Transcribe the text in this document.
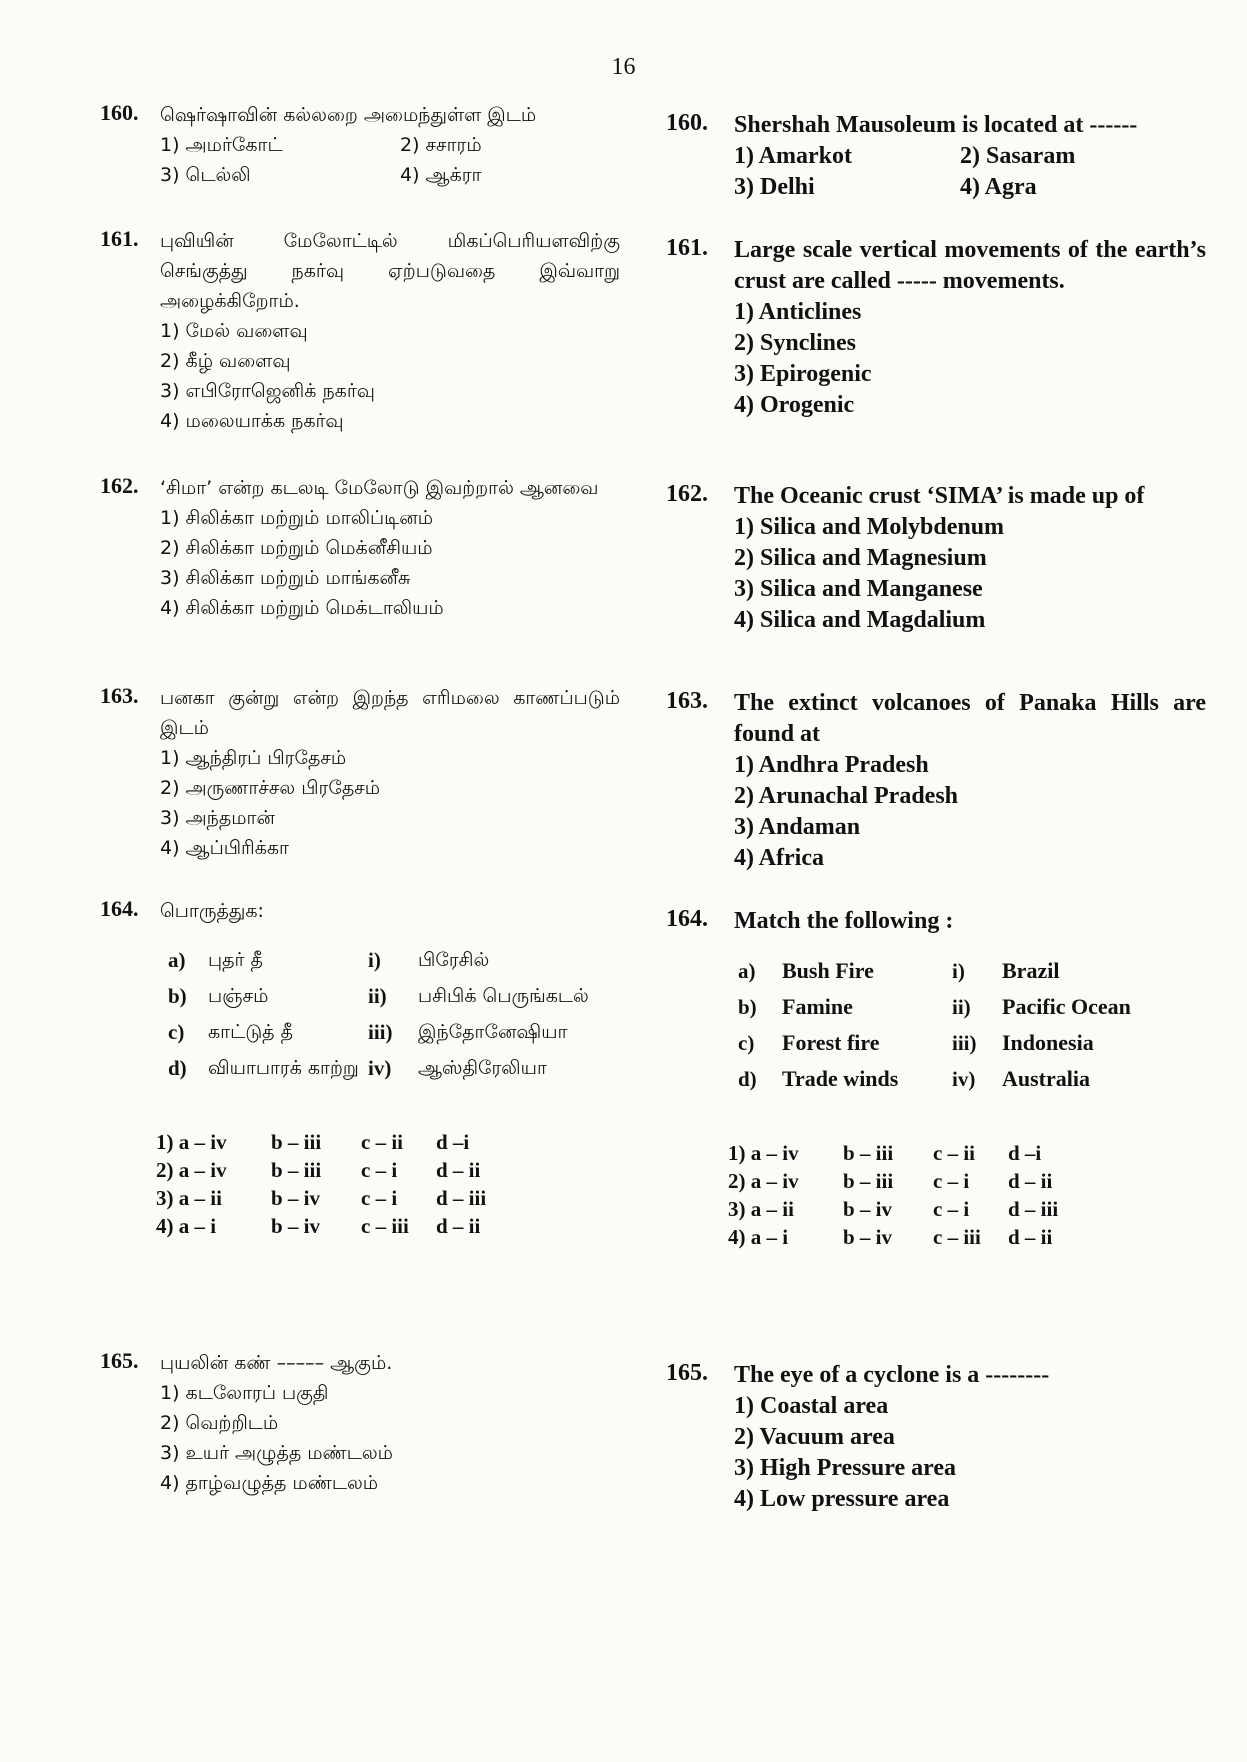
16
160. ஷெர்ஷாவின் கல்லறை அமைந்துள்ள இடம்
1) அமர்கோட்	2) சசாரம்
3) டெல்லி	4) ஆக்ரா
161. புவியின் மேலோட்டில் மிகப்பெரியளவிற்கு செங்குத்து நகர்வு ஏற்படுவதை இவ்வாறு அழைக்கிறோம்.
1) மேல் வளைவு
2) கீழ் வளைவு
3) எபிரோஜெனிக் நகர்வு
4) மலையாக்க நகர்வு
162. ‘சிமா’ என்ற கடலடி மேலோடு இவற்றால் ஆனவை
1) சிலிக்கா மற்றும் மாலிப்டினம்
2) சிலிக்கா மற்றும் மெக்னீசியம்
3) சிலிக்கா மற்றும் மாங்கனீசு
4) சிலிக்கா மற்றும் மெக்டாலியம்
163. பனகா குன்று என்ற இறந்த எரிமலை காணப்படும் இடம்
1) ஆந்திரப் பிரதேசம்
2) அருணாச்சல பிரதேசம்
3) அந்தமான்
4) ஆப்பிரிக்கா
164. பொருத்துக:
a)	புதர் தீ	i)	பிரேசில்
b)	பஞ்சம்	ii)	பசிபிக் பெருங்கடல்
c)	காட்டுத் தீ	iii)	இந்தோனேஷியா
d)	வியாபாரக் காற்று iv)	ஆஸ்திரேலியா
1) a – iv	b – iii	c – ii	d –i
2) a – iv	b – iii	c – i	d – ii
3) a – ii	b – iv	c – i	d – iii
4) a – i	b – iv	c – iii	d – ii
165. புயலின் கண் ––––– ஆகும்.
1) கடலோரப் பகுதி
2) வெற்றிடம்
3) உயர் அழுத்த மண்டலம்
4) தாழ்வழுத்த மண்டலம்
160. Shershah Mausoleum is located at ------
1) Amarkot	2) Sasaram
3) Delhi	4) Agra
161. Large scale vertical movements of the earth’s crust are called ----- movements.
1) Anticlines
2) Synclines
3) Epirogenic
4) Orogenic
162. The Oceanic crust ‘SIMA’ is made up of
1) Silica and Molybdenum
2) Silica and Magnesium
3) Silica and Manganese
4) Silica and Magdalium
163. The extinct volcanoes of Panaka Hills are found at
1) Andhra Pradesh
2) Arunachal Pradesh
3) Andaman
4) Africa
164. Match the following :
a)	Bush Fire	i)	Brazil
b)	Famine	ii)	Pacific Ocean
c)	Forest fire	iii)	Indonesia
d)	Trade winds	iv)	Australia
1) a – iv	b – iii	c – ii	d –i
2) a – iv	b – iii	c – i	d – ii
3) a – ii	b – iv	c – i	d – iii
4) a – i	b – iv	c – iii	d – ii
165. The eye of a cyclone is a --------
1) Coastal area
2) Vacuum area
3) High Pressure area
4) Low pressure area
